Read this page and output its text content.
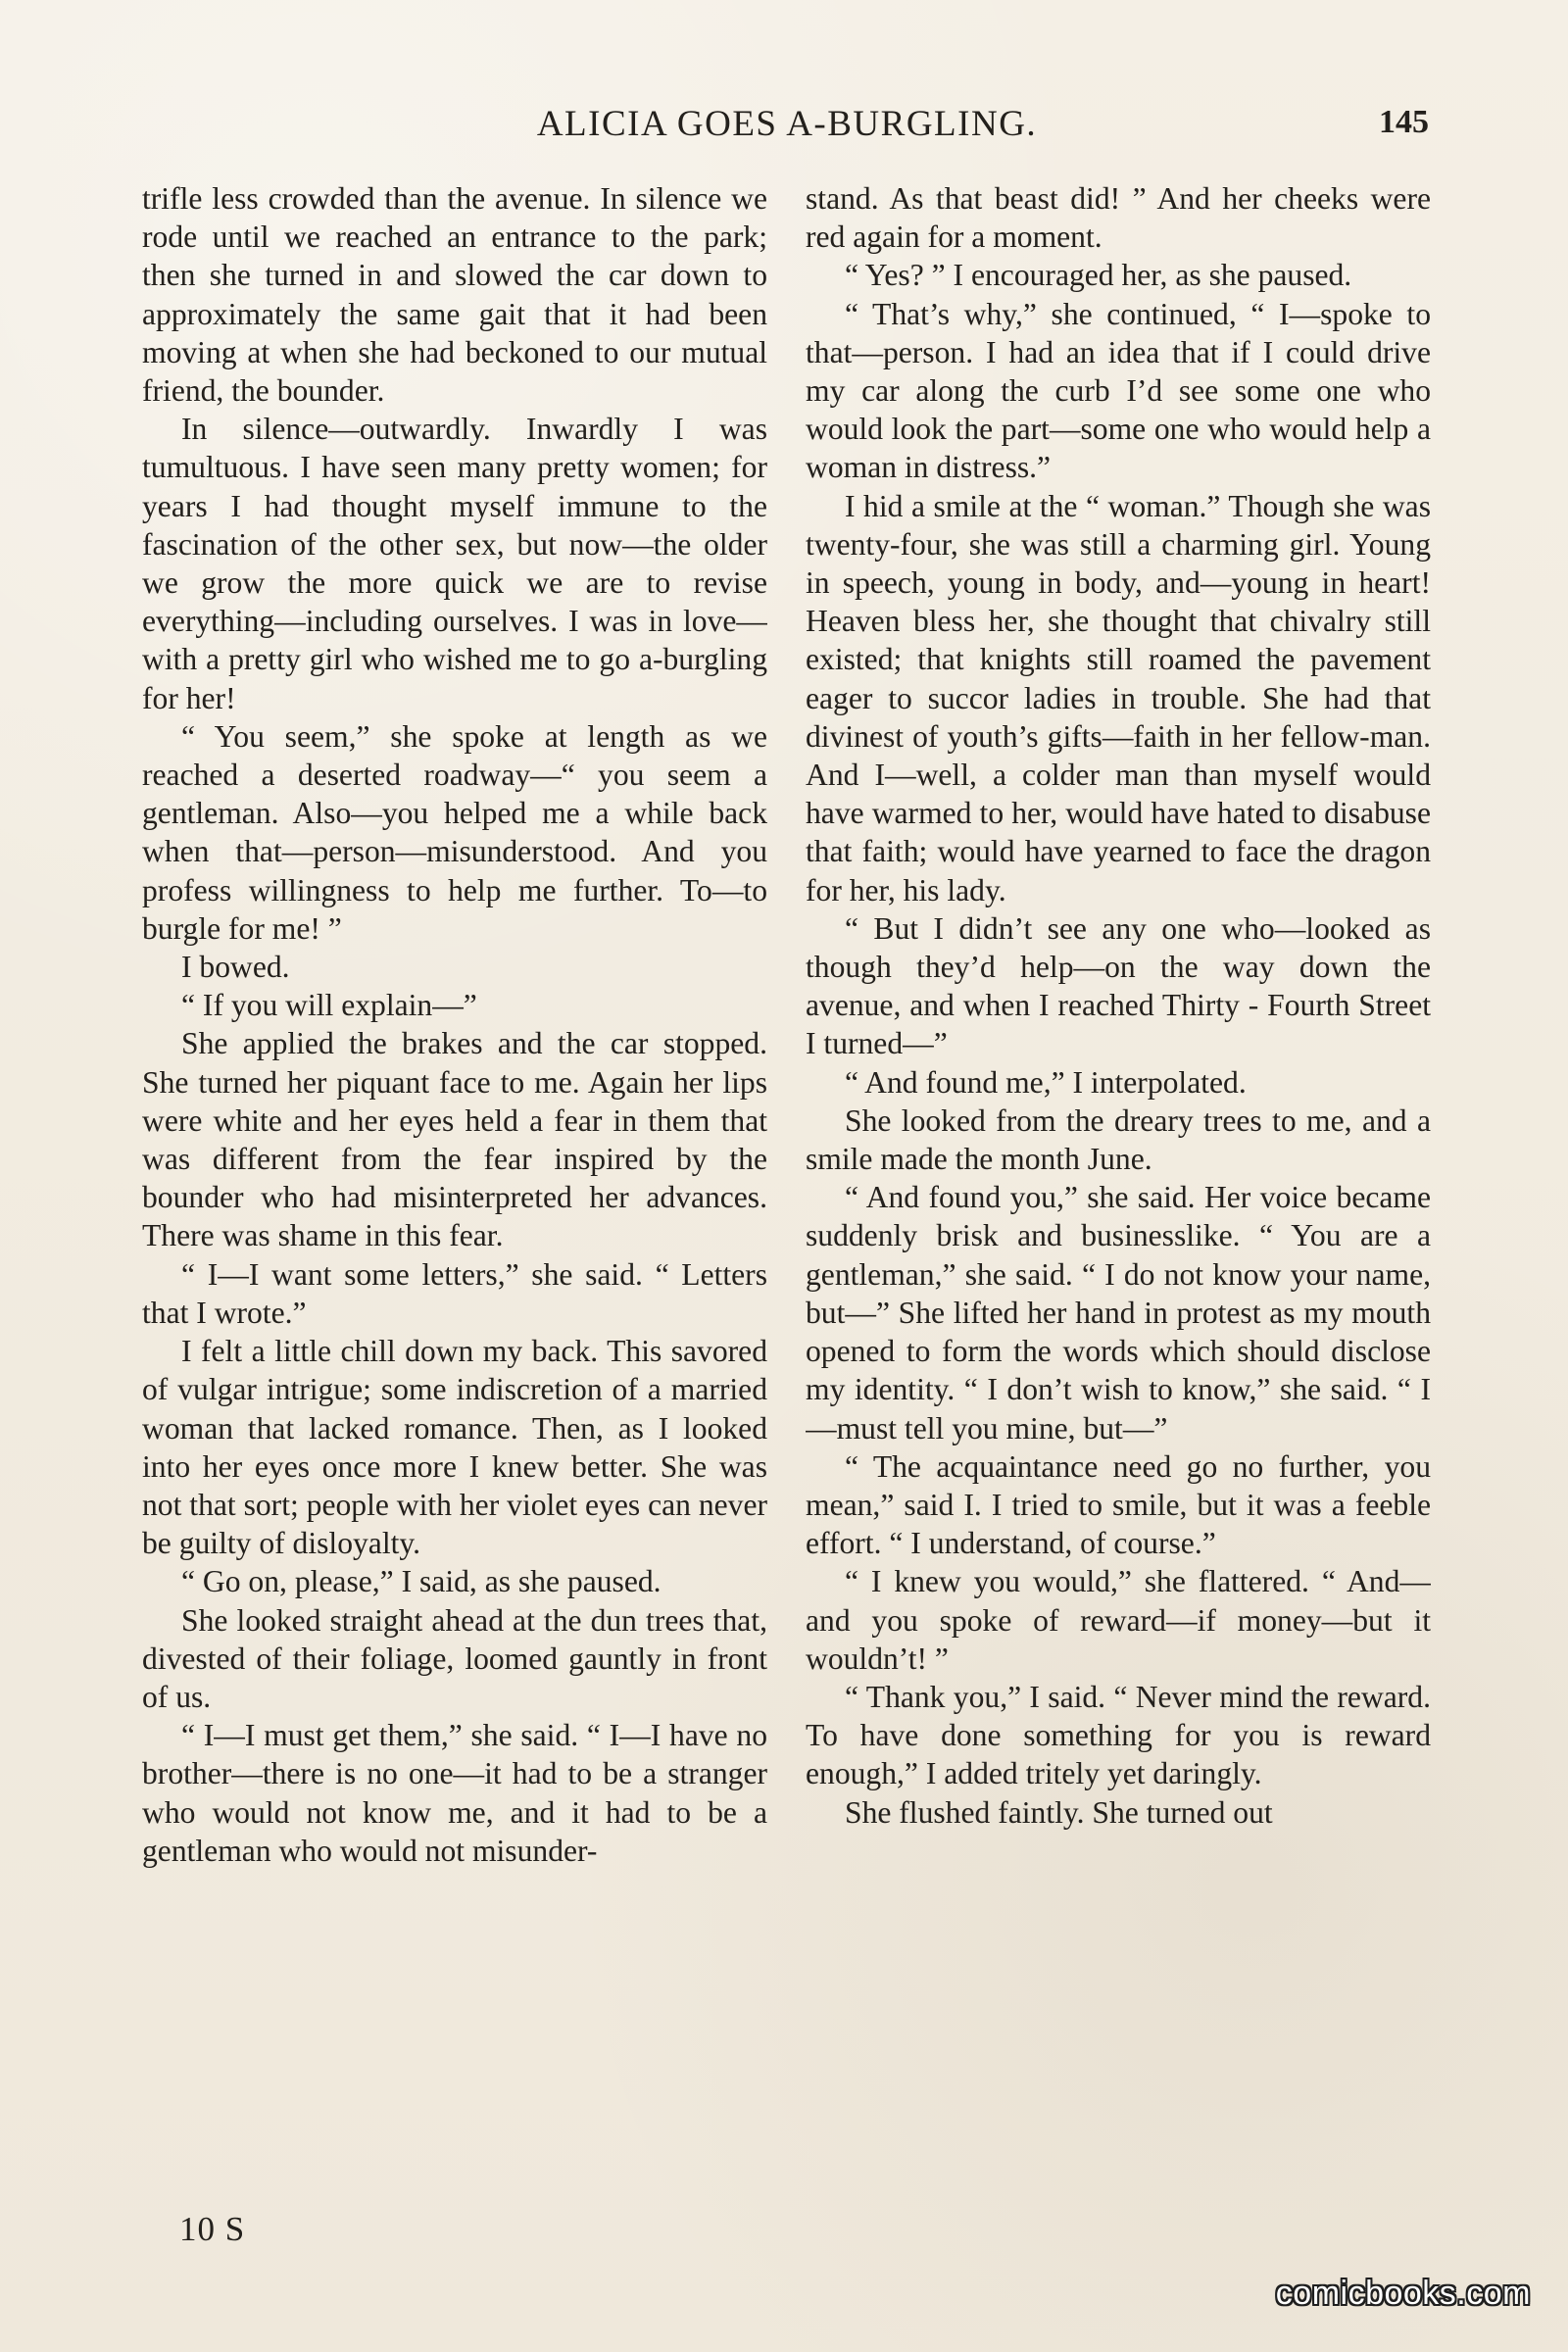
ALICIA GOES A-BURGLING.	145

trifle less crowded than the avenue. In silence we rode until we reached an entrance to the park; then she turned in and slowed the car down to approximately the same gait that it had been moving at when she had beckoned to our mutual friend, the bounder.

In silence—outwardly. Inwardly I was tumultuous. I have seen many pretty women; for years I had thought myself immune to the fascination of the other sex, but now—the older we grow the more quick we are to revise everything—including ourselves. I was in love—with a pretty girl who wished me to go a-burgling for her!

“ You seem,” she spoke at length as we reached a deserted roadway—“ you seem a gentleman. Also—you helped me a while back when that—person—misunderstood. And you profess willingness to help me further. To—to burgle for me! ”

I bowed.

“ If you will explain—”

She applied the brakes and the car stopped. She turned her piquant face to me. Again her lips were white and her eyes held a fear in them that was different from the fear inspired by the bounder who had misinterpreted her advances. There was shame in this fear.

“ I—I want some letters,” she said. “ Letters that I wrote.”

I felt a little chill down my back. This savored of vulgar intrigue; some indiscretion of a married woman that lacked romance. Then, as I looked into her eyes once more I knew better. She was not that sort; people with her violet eyes can never be guilty of disloyalty.

“ Go on, please,” I said, as she paused.

She looked straight ahead at the dun trees that, divested of their foliage, loomed gauntly in front of us.

“ I—I must get them,” she said. “ I—I have no brother—there is no one—it had to be a stranger who would not know me, and it had to be a gentleman who would not misunder-

stand. As that beast did! ” And her cheeks were red again for a moment.

“ Yes? ” I encouraged her, as she paused.

“ That’s why,” she continued, “ I—spoke to that—person. I had an idea that if I could drive my car along the curb I’d see some one who would look the part—some one who would help a woman in distress.”

I hid a smile at the “ woman.” Though she was twenty-four, she was still a charming girl. Young in speech, young in body, and—young in heart! Heaven bless her, she thought that chivalry still existed; that knights still roamed the pavement eager to succor ladies in trouble. She had that divinest of youth’s gifts—faith in her fellow-man. And I—well, a colder man than myself would have warmed to her, would have hated to disabuse that faith; would have yearned to face the dragon for her, his lady.

“ But I didn’t see any one who—looked as though they’d help—on the way down the avenue, and when I reached Thirty - Fourth Street I turned—”

“ And found me,” I interpolated.

She looked from the dreary trees to me, and a smile made the month June.

“ And found you,” she said. Her voice became suddenly brisk and businesslike. “ You are a gentleman,” she said. “ I do not know your name, but—” She lifted her hand in protest as my mouth opened to form the words which should disclose my identity. “ I don’t wish to know,” she said. “ I—must tell you mine, but—”

“ The acquaintance need go no further, you mean,” said I. I tried to smile, but it was a feeble effort. “ I understand, of course.”

“ I knew you would,” she flattered. “ And—and you spoke of reward—if money—but it wouldn’t! ”

“ Thank you,” I said. “ Never mind the reward. To have done something for you is reward enough,” I added tritely yet daringly.

She flushed faintly. She turned out

10 S
comicbooks.com
